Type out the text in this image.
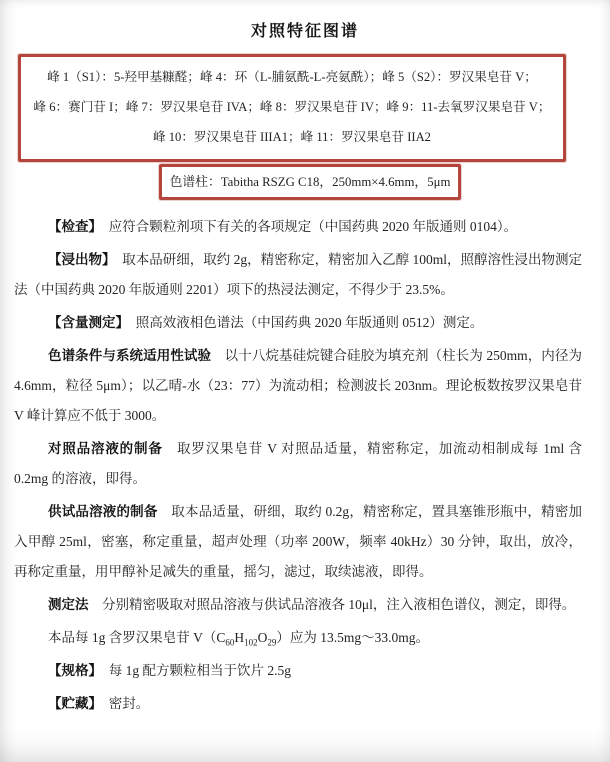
对照特征图谱
峰 1（S1）：5-羟甲基糠醛；峰 4：环（L-脯氨酰-L-亮氨酰）；峰 5（S2）：罗汉果皂苷 V；
峰 6：赛门苷 I；峰 7：罗汉果皂苷 IVA；峰 8：罗汉果皂苷 IV；峰 9：11-去氧罗汉果皂苷 V；
峰 10：罗汉果皂苷 IIIA1；峰 11：罗汉果皂苷 IIA2
色谱柱：Tabitha RSZG C18，250mm×4.6mm，5μm

【检查】　应符合颗粒剂项下有关的各项规定（中国药典 2020 年版通则 0104）。

【浸出物】　取本品研细，取约 2g，精密称定，精密加入乙醇 100ml，照醇溶性浸出物测定法（中国药典 2020 年版通则 2201）项下的热浸法测定，不得少于 23.5%。

【含量测定】　照高效液相色谱法（中国药典 2020 年版通则 0512）测定。

色谱条件与系统适用性试验　以十八烷基硅烷键合硅胶为填充剂（柱长为 250mm，内径为 4.6mm，粒径 5μm）；以乙晴-水（23：77）为流动相；检测波长 203nm。理论板数按罗汉果皂苷 V 峰计算应不低于 3000。

对照品溶液的制备　取罗汉果皂苷 V 对照品适量，精密称定，加流动相制成每 1ml 含 0.2mg 的溶液，即得。

供试品溶液的制备　取本品适量，研细，取约 0.2g，精密称定，置具塞锥形瓶中，精密加入甲醇 25ml，密塞，称定重量，超声处理（功率 200W，频率 40kHz）30 分钟，取出，放冷，再称定重量，用甲醇补足减失的重量，摇匀，滤过，取续滤液，即得。

测定法　分别精密吸取对照品溶液与供试品溶液各 10μl，注入液相色谱仪，测定，即得。

本品每 1g 含罗汉果皂苷 $V(C_{60}H_{102}O_{29})$应为 13.5mg～33.0mg。

【规格】　每 1g 配方颗粒相当于饮片 2.5g

【贮藏】　密封。
